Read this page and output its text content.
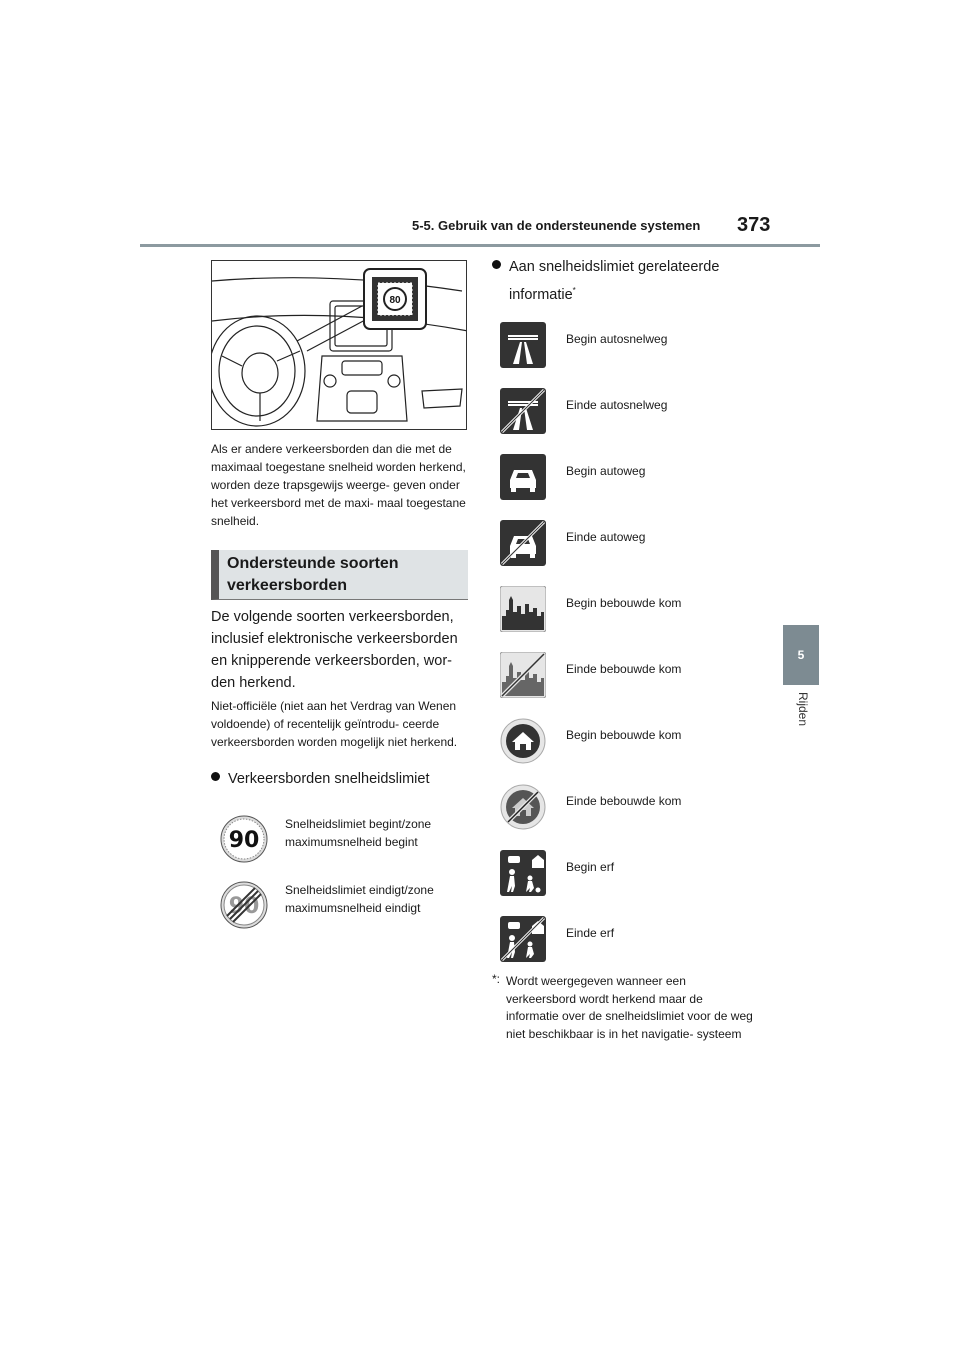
5-5. Gebruik van de ondersteunende systemen 373
5
Rijden
80
Als er andere verkeersborden dan die met de maximaal toegestane snelheid worden herkend, worden deze trapsgewijs weerge- geven onder het verkeersbord met de maxi- maal toegestane snelheid.
Ondersteunde soorten
verkeersborden
De volgende soorten verkeersborden, inclusief elektronische verkeersborden en knipperende verkeersborden, wor- den herkend.
Niet-officiële (niet aan het Verdrag van Wenen voldoende) of recentelijk geïntrodu- ceerde verkeersborden worden mogelijk niet herkend.
Verkeersborden snelheidslimiet
90
Snelheidslimiet begint/zone
maximumsnelheid begint
90
Snelheidslimiet eindigt/zone
maximumsnelheid eindigt
Aan snelheidslimiet gerelateerde
informatie*
Begin autosnelweg
Einde autosnelweg
Begin autoweg
Einde autoweg
Begin bebouwde kom
Einde bebouwde kom
Begin bebouwde kom
Einde bebouwde kom
Begin erf
Einde erf
*: Wordt weergegeven wanneer een verkeersbord wordt herkend maar de informatie over de snelheidslimiet voor de weg niet beschikbaar is in het navigatie- systeem
